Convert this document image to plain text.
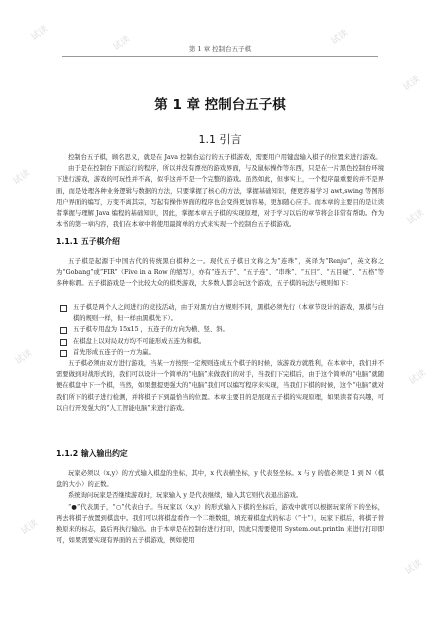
试读
试读	试读
试读
试读
试读
试读
试读
试读
试读
第 1 章 控制台五子棋
第 1 章 控制台五子棋
1.1 引言

控制台五子棋，顾名思义，就是在 Java 控制台运行的五子棋游戏，需要用户用键盘输入棋子的位置来进行游戏。

由于是在控制台下面运行的程序，所以并没有漂亮的游戏界面，与及鼠标操作等东西，只是在一片黑色控制台环境下进行游戏，游戏的可玩性并不高，似乎这并不是一个完整的游戏。虽然如此，但事实上，一个程序最重要的并不是界面，而是处理各种业务逻辑与数据的方法，只要掌握了核心的方法，掌握基础知识，便更容易学习 awt,swing 等图形用户界面的编写，万变不离其宗，写起有操作界面的程序也会变得更加容易，更加随心应手。而本章的主要目的是让读者掌握与理解 Java 编程的基础知识，因此，掌握本章五子棋的实现原理，对于学习以后的章节将会非常有帮助。作为本书的第一章内容，我们在本章中将使用最简单的方式来实现一个控制台五子棋游戏。

1.1.1 五子棋介绍

五子棋是起源于中国古代的传统黑白棋种之一。现代五子棋日文称之为“连珠”，英译为“Renju”，英文称之为“Gobang”或“FIR”（Five in a Row 的缩写），亦有“连五子”、“五子连”、“串珠”、“五目”、“五目碰”、“五格”等多种称谓。五子棋游戏是一个比较大众的棋类游戏，大多数人都会玩这个游戏，五子棋的玩法与规则如下：

五子棋是两个人之间进行的竞技活动，由于对黑方白方规则不同，黑棋必须先行（本章节设计的游戏，黑棋与白棋的规则一样，但一样由黑棋先下）。
五子棋专用盘为 15x15 ，五连子的方向为横、竖、斜。
在棋盘上以对局双方均不可能形成五连为和棋。
首先形成五连子的一方为赢。

五子棋必须由双方进行游戏，当某一方按照一定规则连成五个棋子的时候，该游戏方就胜利，在本章中，我们并不需要做到对战形式的，我们可以设计一个简单的“电脑”来做我们的对手，当我们下完棋后，由于这个简单的“电脑”就随便在棋盘中下一个棋，当然，如果想提更强大的“电脑”我们可以编写程序来实现，当我们下棋的时候，这个“电脑”就对我们所下的棋子进行检测，并将棋子下到最恰当的位置。本章主要目的是展现五子棋的实现原理，如果读者有兴趣，可以自行开发强大的“人工智能电脑”来进行游戏。

1.1.2 输入输出约定

玩家必须以（x,y）的方式输入棋盘的坐标，其中，x 代表横坐标，y 代表竖坐标。x 与 y 的值必须是 1 到 N（棋盘的大小）的正数。

系统询问玩家是否继续游戏时，玩家输入 y 是代表继续，输入其它则代表退出游戏。

“●”代表黑子，“○”代表白子。当玩家以（x,y）的形式输入下棋的坐标后，游戏中就可以根据玩家所下的坐标，再去将棋子放置到棋盘中。我们可以将棋盘看作一个二维数组，填充着棋盘式的标志（“十”），玩家下棋后，将棋子替换原来的标志，最后再执行输出。由于本章是在控制台进行打印，因此只需要使用 System.out.println 来进行打印即可，如果需要实现有界面的五子棋游戏，例如使用
